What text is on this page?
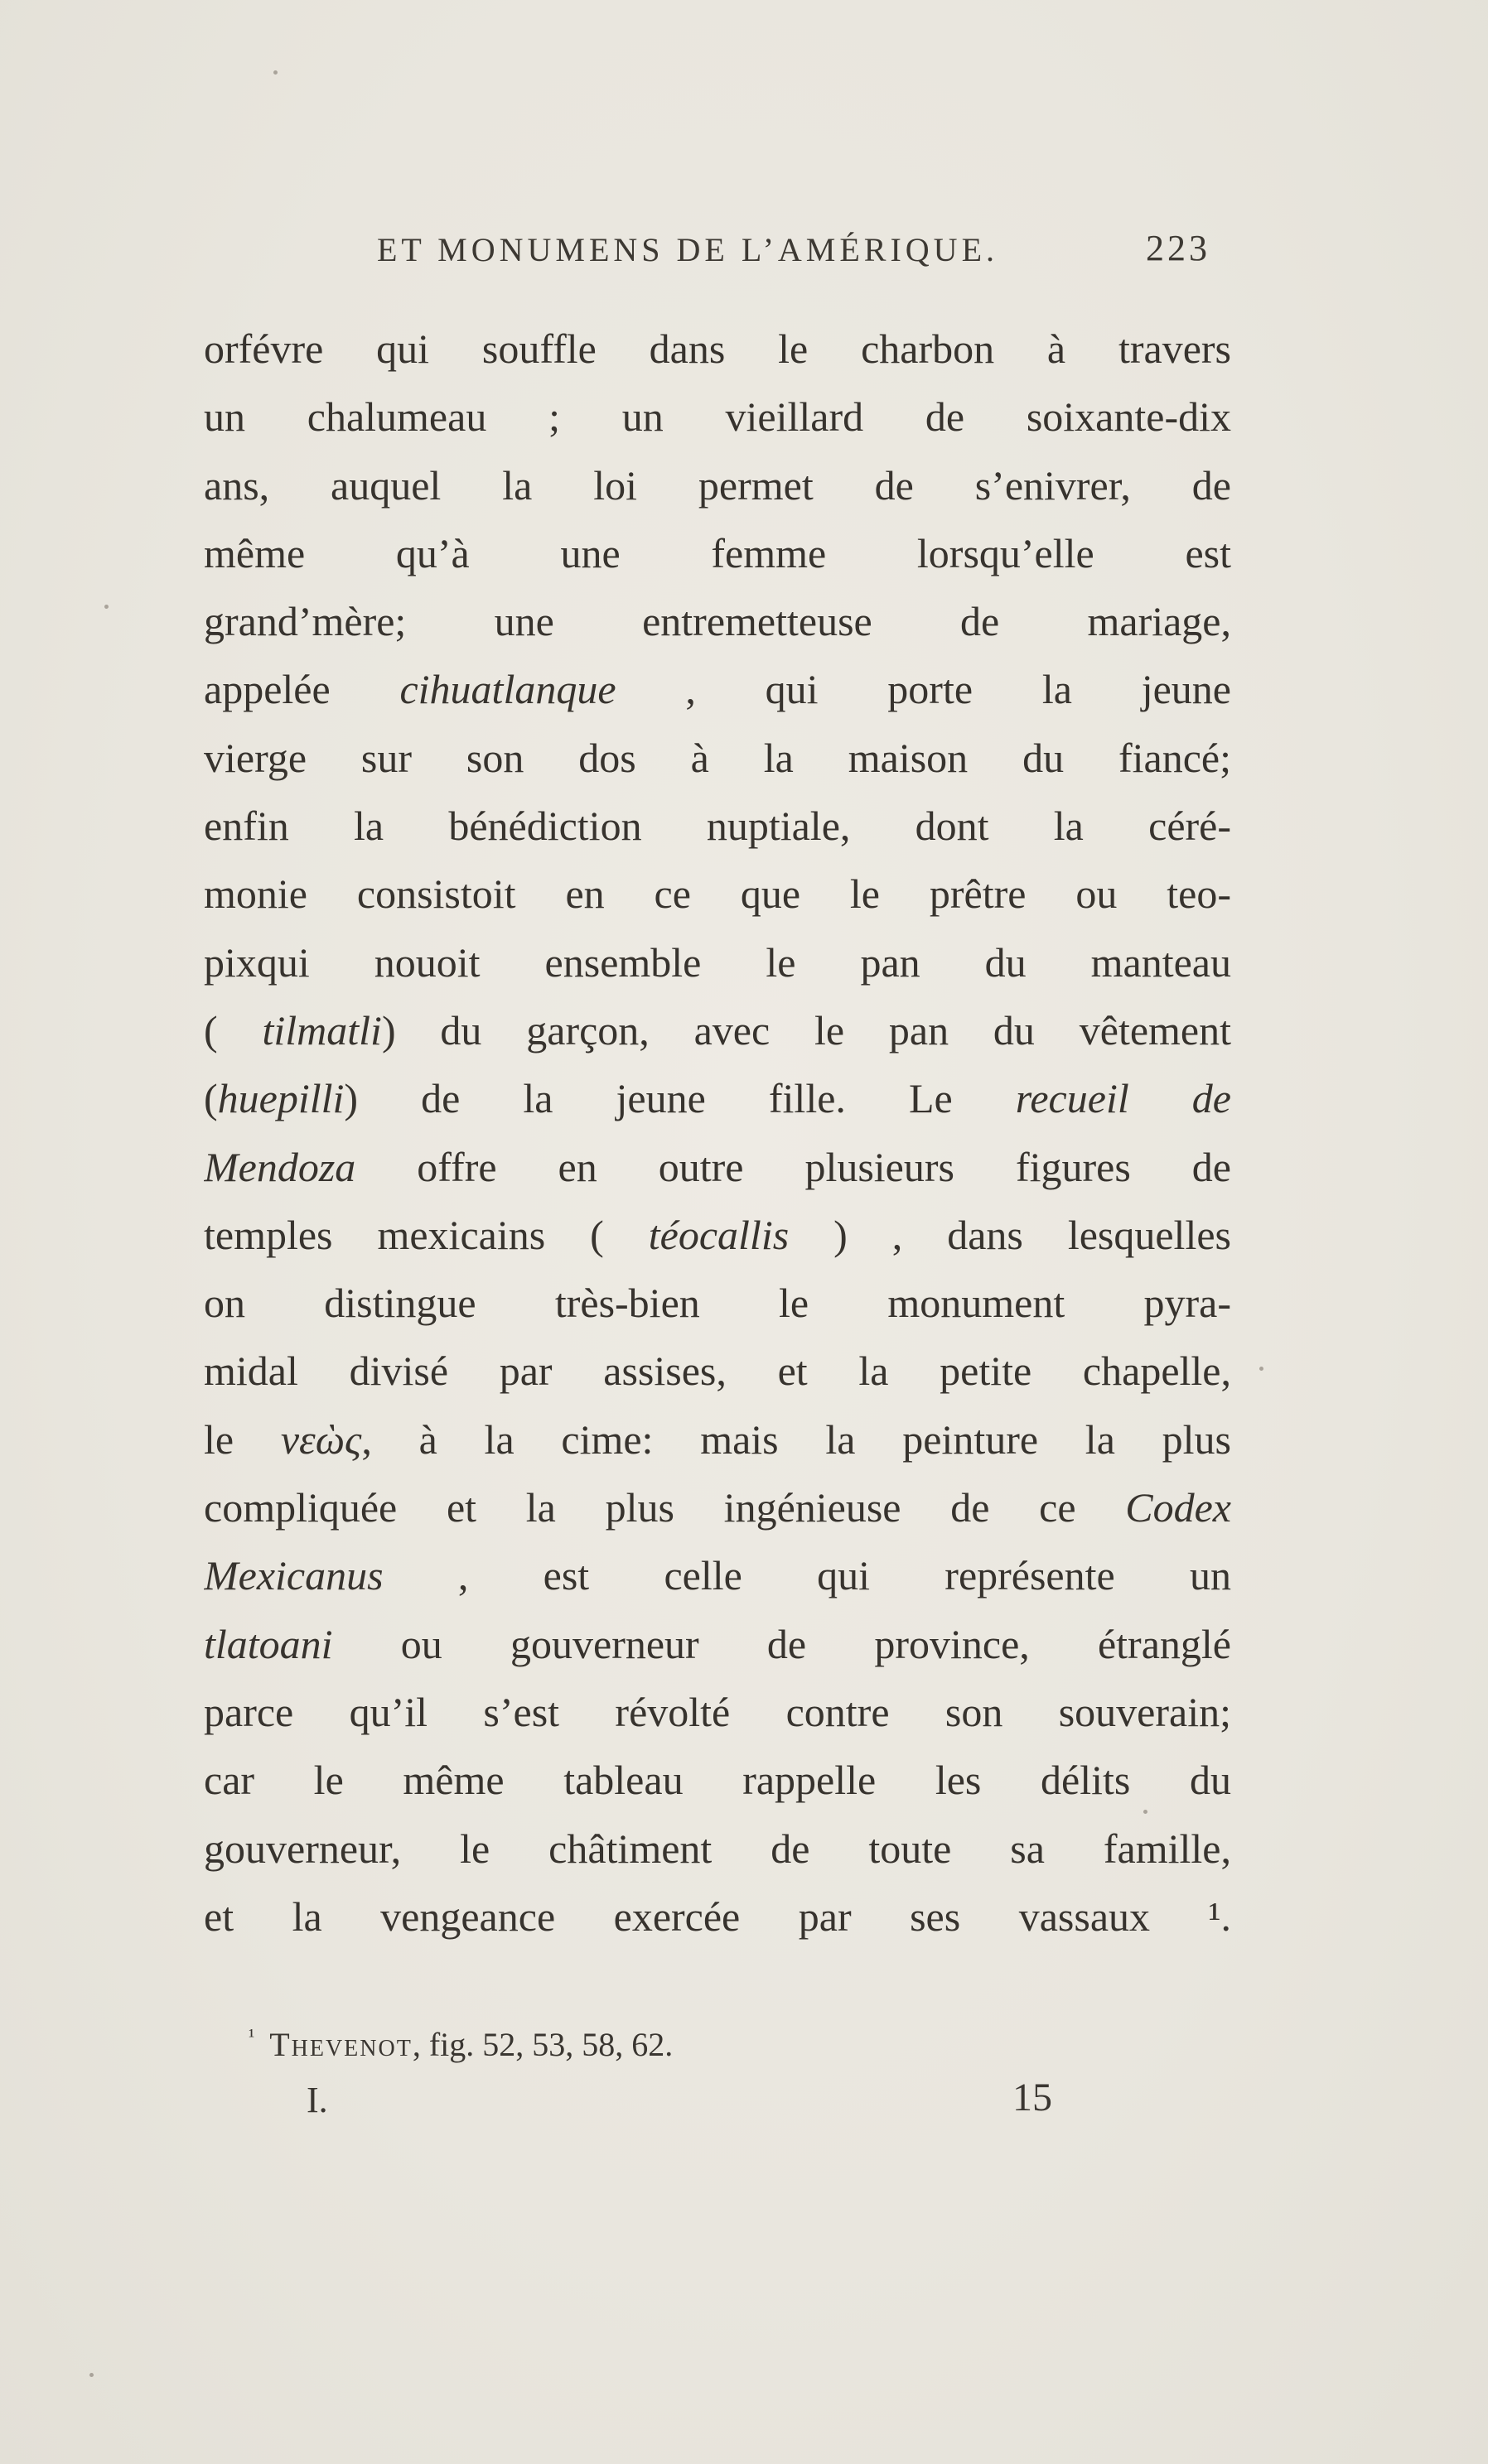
ET MONUMENS DE L’AMÉRIQUE.	223
orfévre qui souffle dans le charbon à travers
un chalumeau ; un vieillard de soixante-dix
ans, auquel la loi permet de s’enivrer, de
même qu’à une femme lorsqu’elle est
grand’mère; une entremetteuse de mariage,
appelée cihuatlanque , qui porte la jeune
vierge sur son dos à la maison du fiancé;
enfin la bénédiction nuptiale, dont la céré-
monie consistoit en ce que le prêtre ou teo-
pixqui nouoit ensemble le pan du manteau
( tilmatli) du garçon, avec le pan du vêtement
(huepilli) de la jeune fille. Le recueil de
Mendoza offre en outre plusieurs figures de
temples mexicains ( téocallis ) , dans lesquelles
on distingue très-bien le monument pyra-
midal divisé par assises, et la petite chapelle,
le νεὼς, à la cime: mais la peinture la plus
compliquée et la plus ingénieuse de ce Codex
Mexicanus , est celle qui représente un
tlatoani ou gouverneur de province, étranglé
parce qu’il s’est révolté contre son souverain;
car le même tableau rappelle les délits du
gouverneur, le châtiment de toute sa famille,
et la vengeance exercée par ses vassaux ¹.
$^{^1}$ Thevenot, fig. 52, 53, 58, 62.
I.	15
